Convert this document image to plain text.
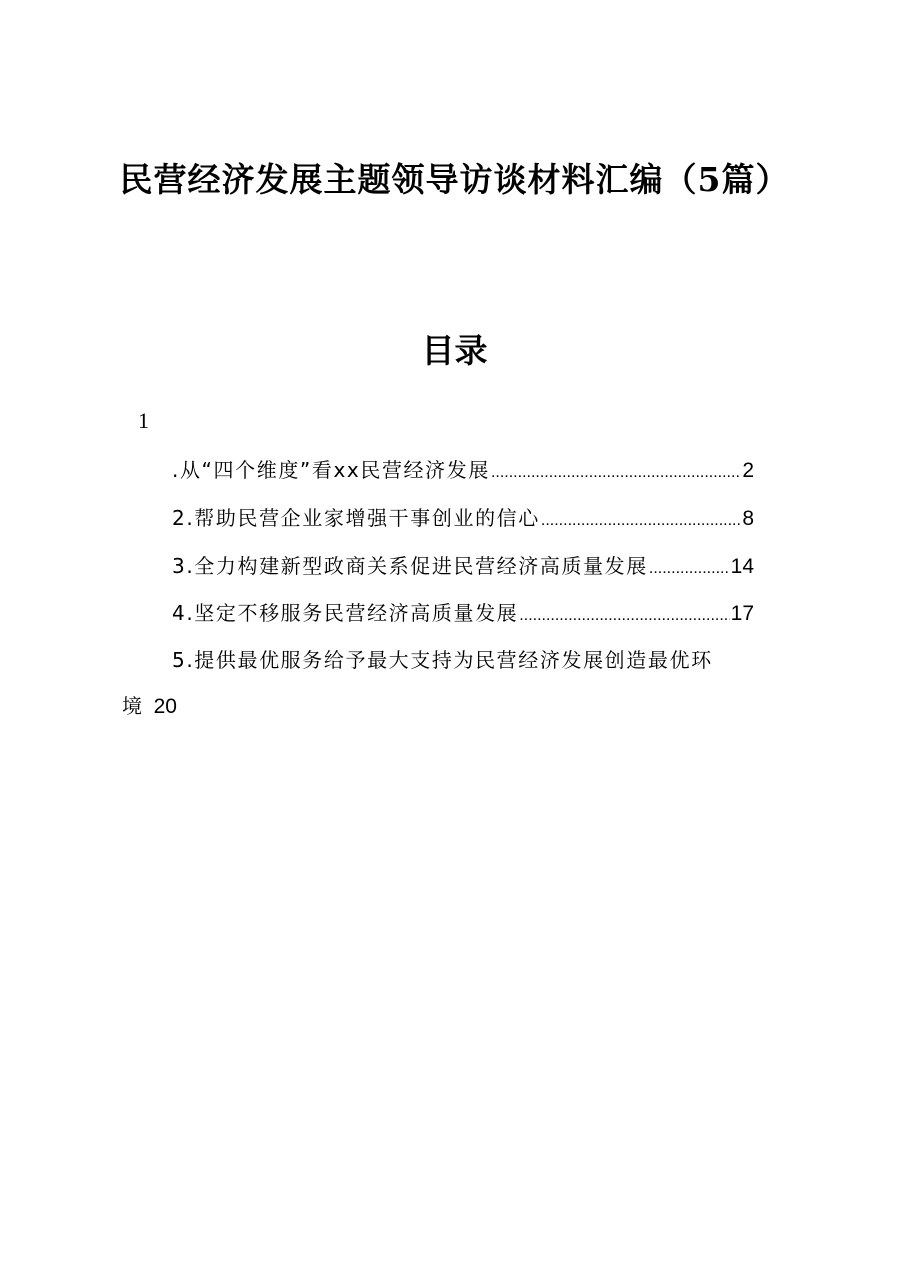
民营经济发展主题领导访谈材料汇编（5篇）
目录
1
.从“四个维度”看xx民营经济发展 .....	2
2.帮助民营企业家增强干事创业的信心 .....	8
3.全力构建新型政商关系促进民营经济高质量发展 .....	14
4.坚定不移服务民营经济高质量发展 .....	17
5.提供最优服务给予最大支持为民营经济发展创造最优环
境 20
